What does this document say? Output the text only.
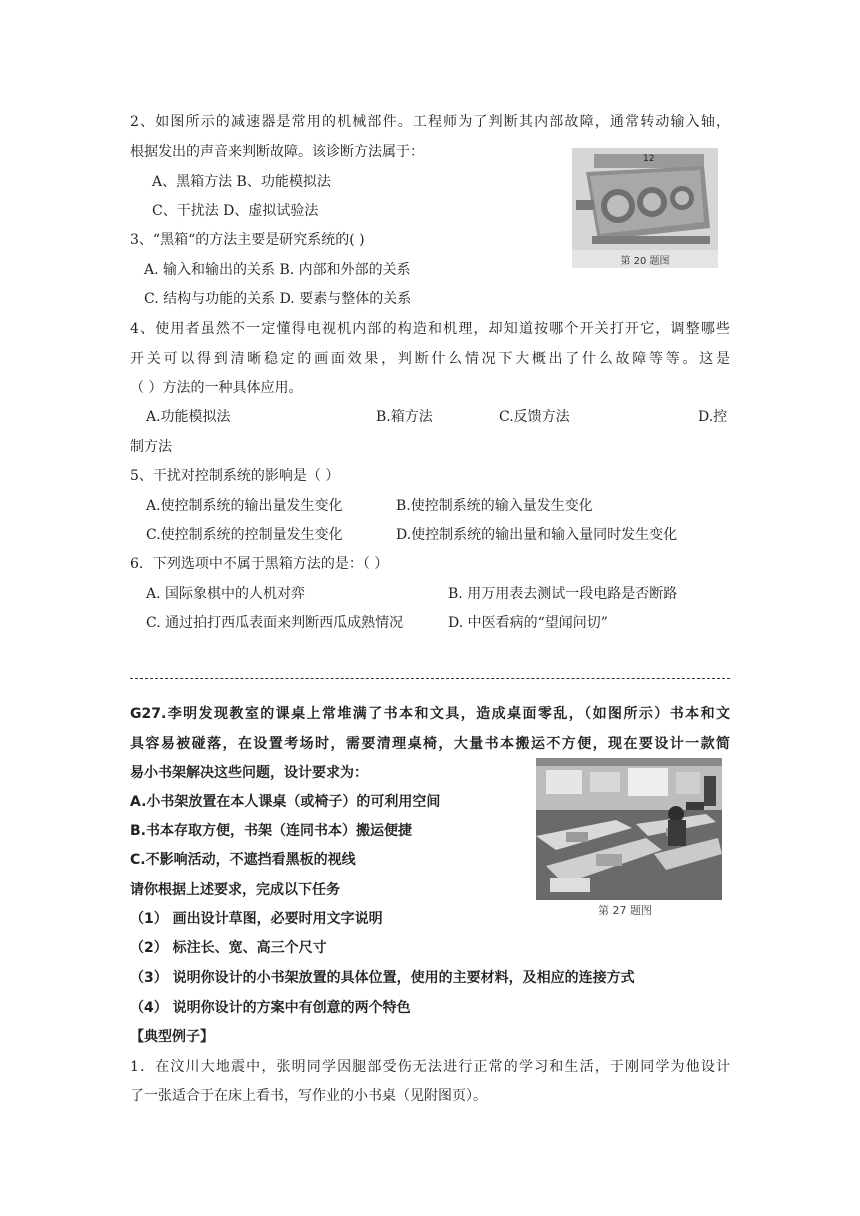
2、如图所示的减速器是常用的机械部件。工程师为了判断其内部故障，通常转动输入轴，
根据发出的声音来判断故障。该诊断方法属于：
A、黑箱方法 B、功能模拟法
C、干扰法 D、虚拟试验法
12
第 20 题图
3、“黑箱“的方法主要是研究系统的( )
A. 输入和输出的关系 B. 内部和外部的关系
C. 结构与功能的关系 D. 要素与整体的关系
4、使用者虽然不一定懂得电视机内部的构造和机理，却知道按哪个开关打开它，调整哪些
开关可以得到清晰稳定的画面效果，判断什么情况下大概出了什么故障等等。这是
（ ）方法的一种具体应用。
A.功能模拟法	B.箱方法	C.反馈方法	D.控
制方法
5、干扰对控制系统的影响是（ ）
A.使控制系统的输出量发生变化	B.使控制系统的输入量发生变化
C.使控制系统的控制量发生变化	D.使控制系统的输出量和输入量同时发生变化
6．下列选项中不属于黑箱方法的是：（ ）
A. 国际象棋中的人机对弈	B. 用万用表去测试一段电路是否断路
C. 通过拍打西瓜表面来判断西瓜成熟情况	D. 中医看病的“望闻问切”
G27.李明发现教室的课桌上常堆满了书本和文具，造成桌面零乱，（如图所示）书本和文
具容易被碰落，在设置考场时，需要清理桌椅，大量书本搬运不方便，现在要设计一款简
易小书架解决这些问题，设计要求为：
A.小书架放置在本人课桌（或椅子）的可利用空间
B.书本存取方便，书架（连同书本）搬运便捷
C.不影响活动，不遮挡看黑板的视线
请你根据上述要求，完成以下任务
（1） 画出设计草图，必要时用文字说明
（2） 标注长、宽、高三个尺寸
（3） 说明你设计的小书架放置的具体位置，使用的主要材料，及相应的连接方式
（4） 说明你设计的方案中有创意的两个特色
第 27 题图
【典型例子】
1．在汶川大地震中，张明同学因腿部受伤无法进行正常的学习和生活，于刚同学为他设计
了一张适合于在床上看书，写作业的小书桌（见附图页）。
